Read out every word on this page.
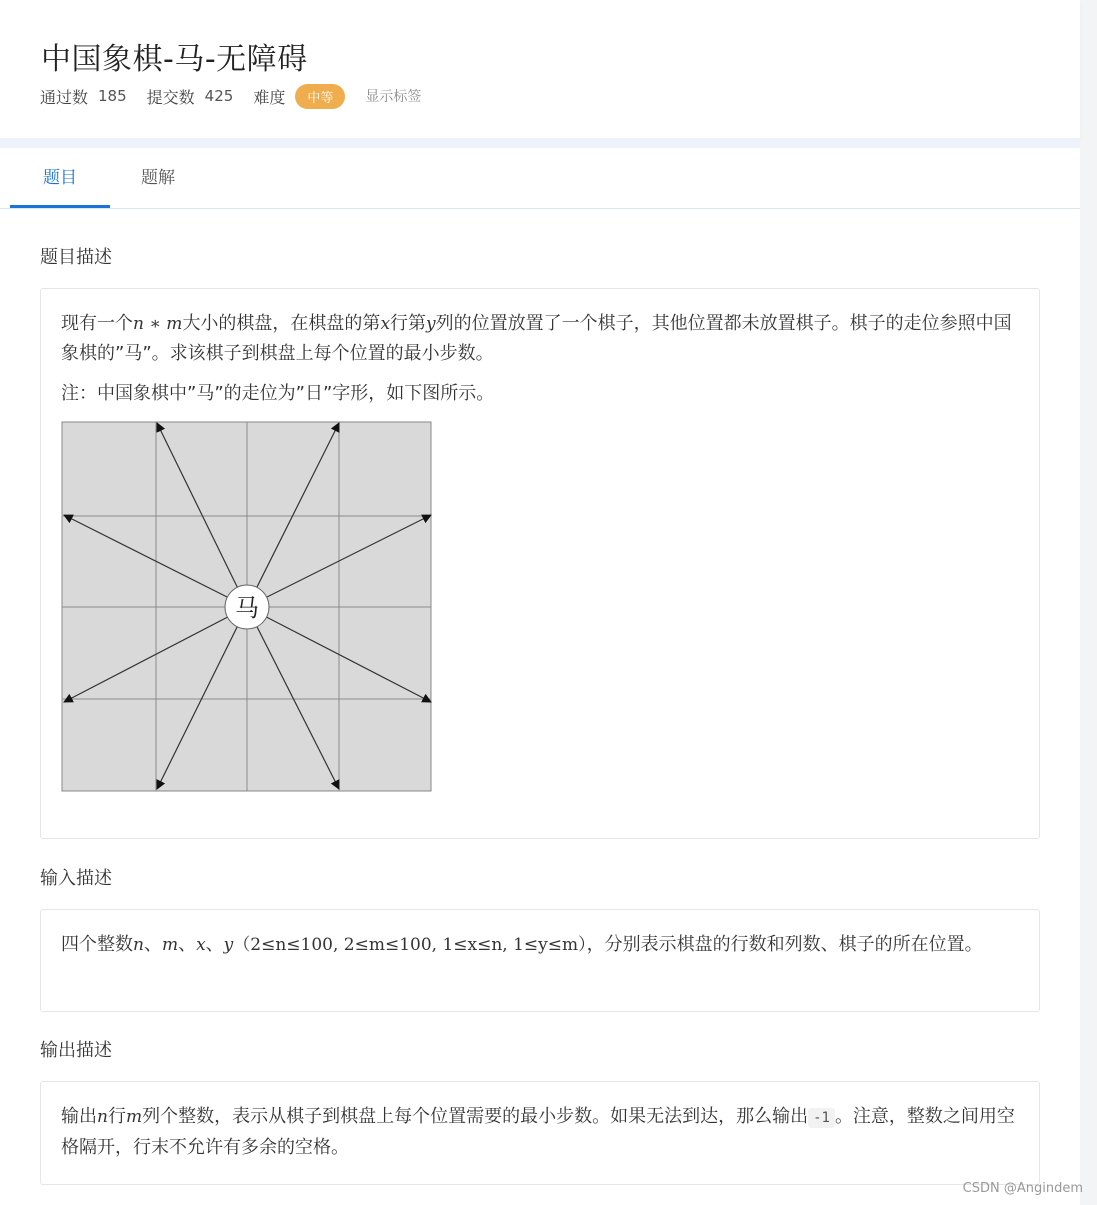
中国象棋-马-无障碍
通过数 185 提交数 425 难度	中等	显示标签
题目	题解
题目描述

现有一个n ∗ m大小的棋盘，在棋盘的第x行第y列的位置放置了一个棋子，其他位置都未放置棋子。棋子的走位参照中国象棋的”马”。求该棋子到棋盘上每个位置的最小步数。

注：中国象棋中”马”的走位为”日”字形，如下图所示。

马
输入描述

四个整数n、m、x、y（2≤n≤100, 2≤m≤100, 1≤x≤n, 1≤y≤m），分别表示棋盘的行数和列数、棋子的所在位置。

输出描述

输出n行m列个整数，表示从棋子到棋盘上每个位置需要的最小步数。如果无法到达，那么输出 -1 。注意，整数之间用空格隔开，行末不允许有多余的空格。

CSDN @Angindem
